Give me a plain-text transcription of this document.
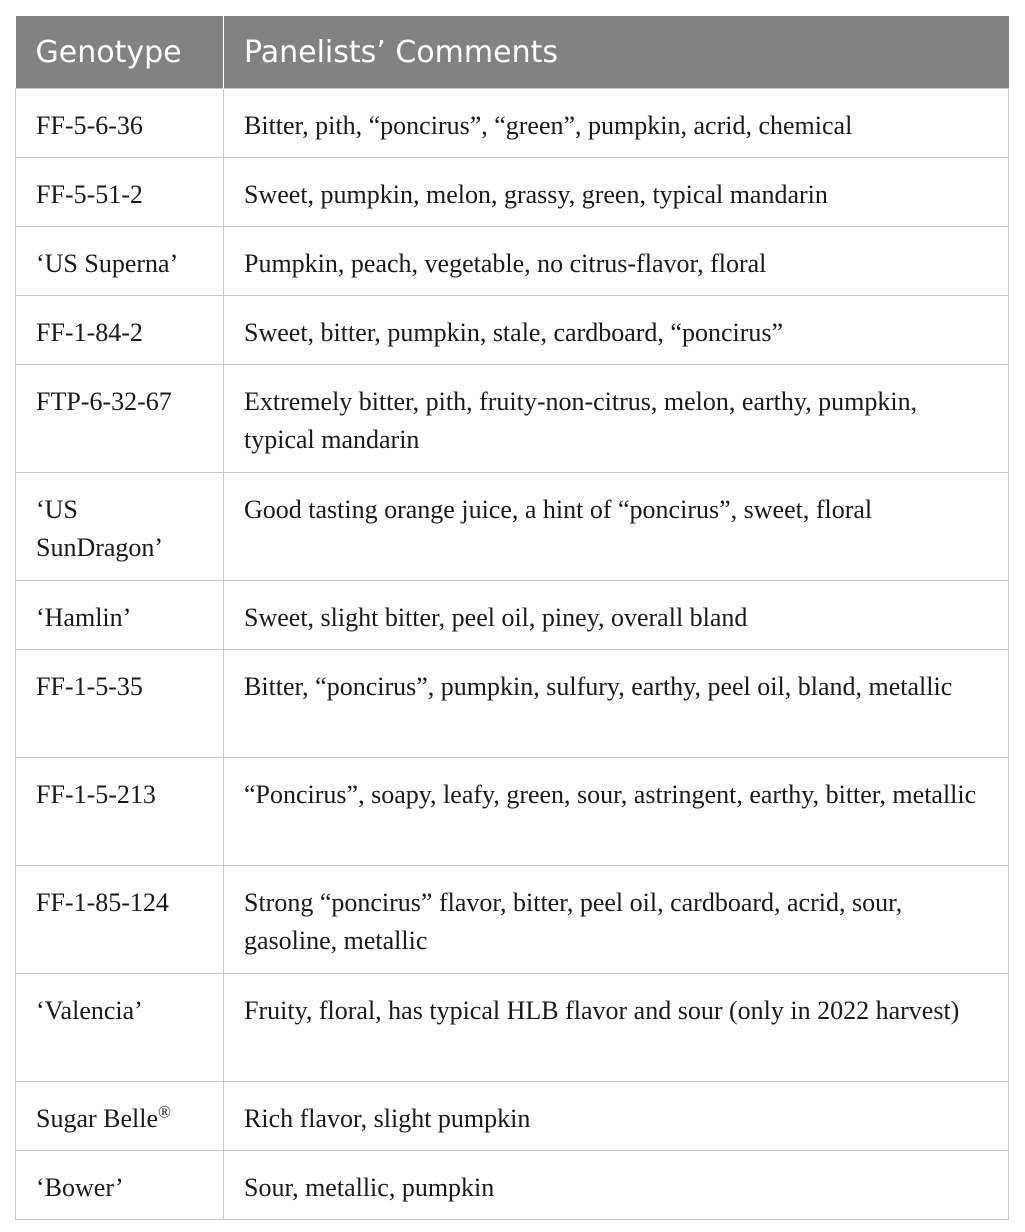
Genotype	Panelists’ Comments
FF-5-6-36	Bitter, pith, “poncirus”, “green”, pumpkin, acrid, chemical
FF-5-51-2	Sweet, pumpkin, melon, grassy, green, typical mandarin
‘US Superna’	Pumpkin, peach, vegetable, no citrus-flavor, floral
FF-1-84-2	Sweet, bitter, pumpkin, stale, cardboard, “poncirus”
FTP-6-32-67	Extremely bitter, pith, fruity-non-citrus, melon, earthy, pumpkin, typical mandarin
‘US SunDragon’	Good tasting orange juice, a hint of “poncirus”, sweet, floral
‘Hamlin’	Sweet, slight bitter, peel oil, piney, overall bland
FF-1-5-35	Bitter, “poncirus”, pumpkin, sulfury, earthy, peel oil, bland, metallic
FF-1-5-213	“Poncirus”, soapy, leafy, green, sour, astringent, earthy, bitter, metallic
FF-1-85-124	Strong “poncirus” flavor, bitter, peel oil, cardboard, acrid, sour, gasoline, metallic
‘Valencia’	Fruity, floral, has typical HLB flavor and sour (only in 2022 harvest)
Sugar Belle®	Rich flavor, slight pumpkin
‘Bower’	Sour, metallic, pumpkin
